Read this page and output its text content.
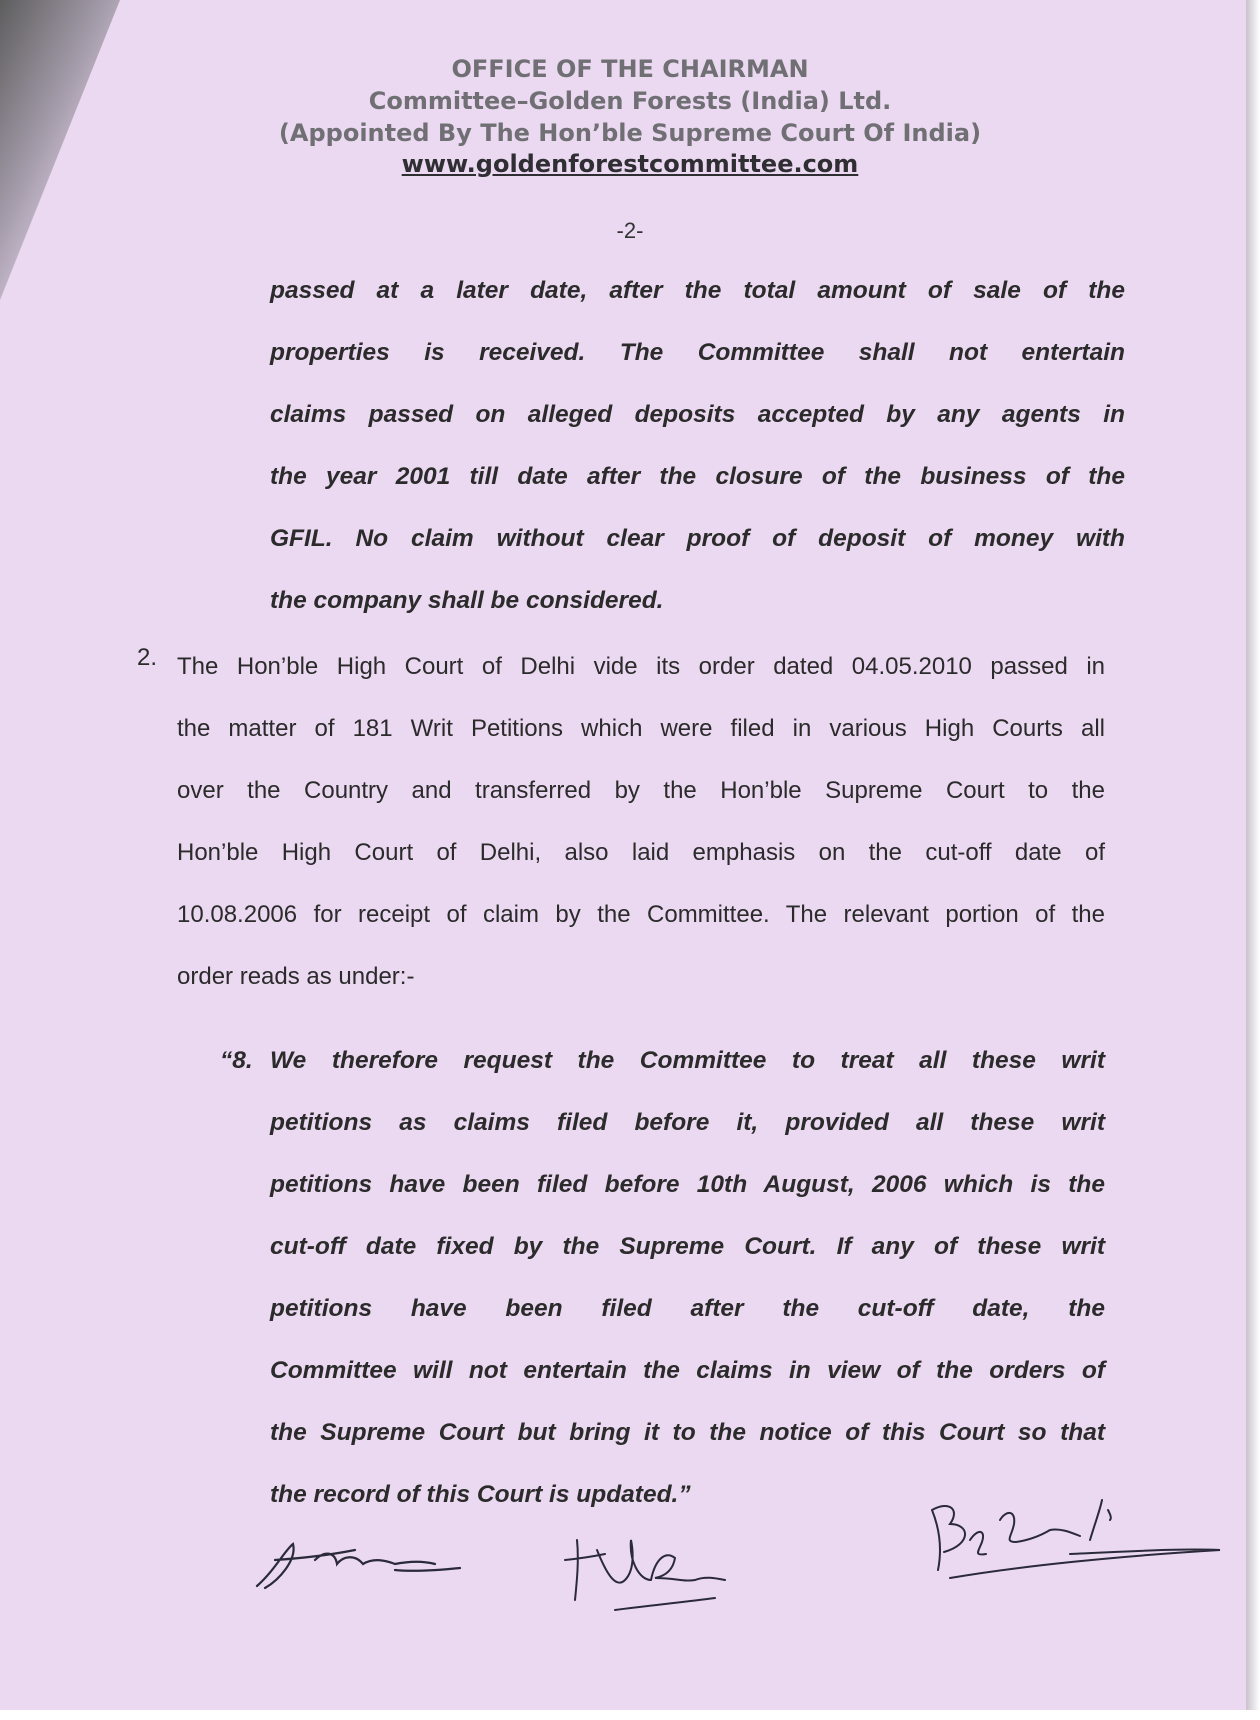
OFFICE OF THE CHAIRMAN
Committee–Golden Forests (India) Ltd.
(Appointed By The Hon’ble Supreme Court Of India)
www.goldenforestcommittee.com
-2-
passed at a later date, after the total amount of sale of the
properties is received. The Committee shall not entertain
claims passed on alleged deposits accepted by any agents in
the year 2001 till date after the closure of the business of the
GFIL. No claim without clear proof of deposit of money with
the company shall be considered.
2. The Hon’ble High Court of Delhi vide its order dated 04.05.2010 passed in
the matter of 181 Writ Petitions which were filed in various High Courts all
over the Country and transferred by the Hon’ble Supreme Court to the
Hon’ble High Court of Delhi, also laid emphasis on the cut-off date of
10.08.2006 for receipt of claim by the Committee. The relevant portion of the
order reads as under:-
“8. We therefore request the Committee to treat all these writ
petitions as claims filed before it, provided all these writ
petitions have been filed before 10th August, 2006 which is the
cut-off date fixed by the Supreme Court. If any of these writ
petitions have been filed after the cut-off date, the
Committee will not entertain the claims in view of the orders of
the Supreme Court but bring it to the notice of this Court so that
the record of this Court is updated.”
